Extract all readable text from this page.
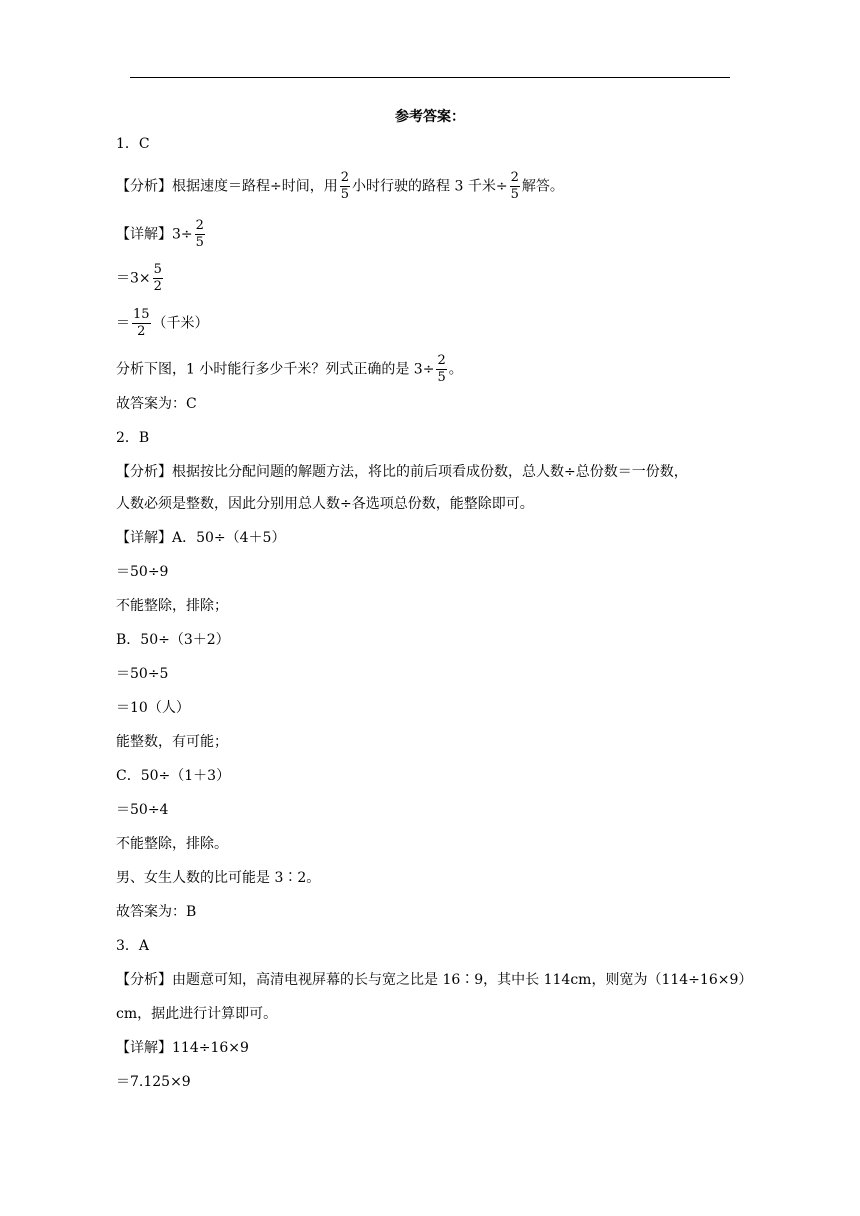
参考答案：
1．C
【分析】根据速度＝路程÷时间，用 $\frac{2}{5}$ 小时行驶的路程 3 千米÷ $\frac{2}{5}$ 解答。
【详解】$3\div \frac{2}{5}$
$=3\times \frac{5}{2}$
＝ $\frac{15}{2}$ （千米）
分析下图，1 小时能行多少千米？列式正确的是 $3\div \frac{2}{5}$ 。
故答案为：C
2．B
【分析】根据按比分配问题的解题方法，将比的前后项看成份数，总人数÷总份数＝一份数，
人数必须是整数，因此分别用总人数÷各选项总份数，能整除即可。
【详解】A．50÷（4＋5）
＝50÷9
不能整除，排除；
B．50÷（3＋2）
＝50÷5
＝10（人）
能整数，有可能；
C．50÷（1＋3）
＝50÷4
不能整除，排除。
男、女生人数的比可能是 3∶2。
故答案为：B
3．A
【分析】由题意可知，高清电视屏幕的长与宽之比是 16∶9，其中长 114cm，则宽为（114÷16×9）
cm，据此进行计算即可。
【详解】114÷16×9
＝7.125×9
